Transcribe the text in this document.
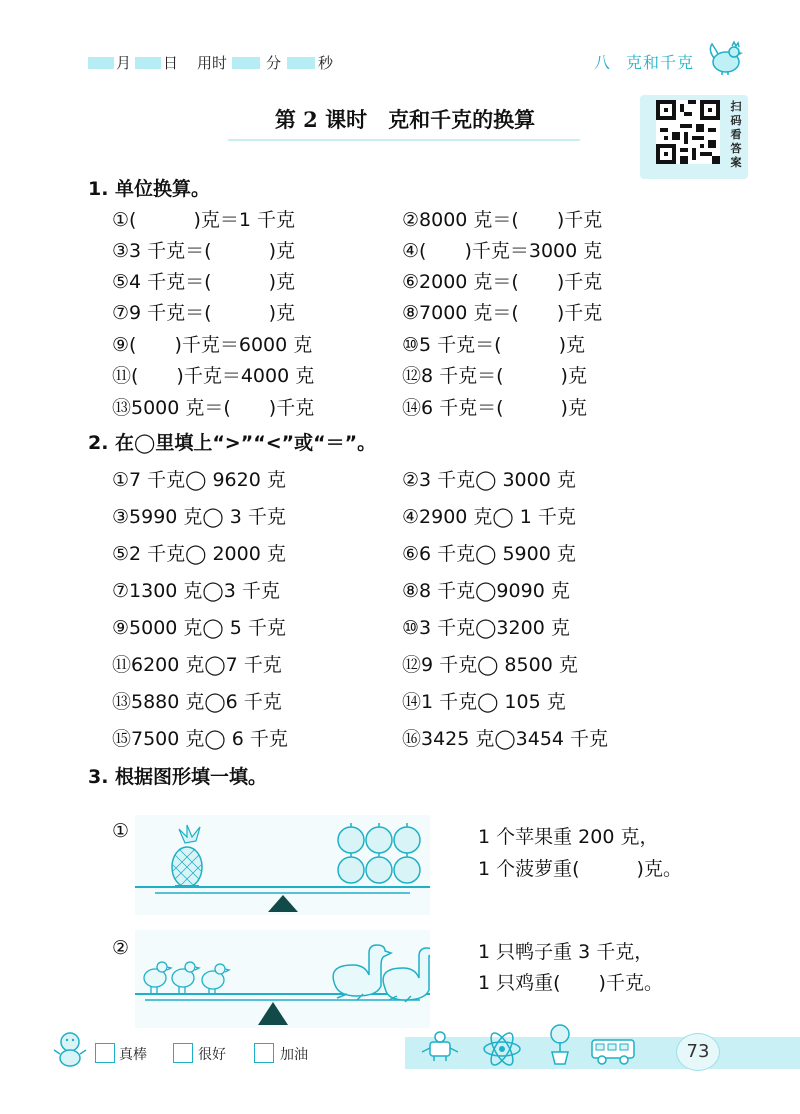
月 日 用时	分 秒	八 克和千克
第 2 课时　克和千克的换算
扫
码
看
答
案
1. 单位换算。
①(　　　)克＝1 千克	②8000 克＝(　　)千克
③3 千克＝(　　　)克	④(　　)千克＝3000 克
⑤4 千克＝(　　　)克	⑥2000 克＝(　　)千克
⑦9 千克＝(　　　)克	⑧7000 克＝(　　)千克
⑨(　　)千克＝6000 克	⑩5 千克＝(　　　)克
⑪(　　)千克＝4000 克	⑫8 千克＝(　　　)克
⑬5000 克＝(　　)千克	⑭6 千克＝(　　　)克
2. 在◯里填上“>”“<”或“＝”。
①7 千克◯ 9620 克	②3 千克◯ 3000 克
③5990 克◯ 3 千克	④2900 克◯ 1 千克
⑤2 千克◯ 2000 克	⑥6 千克◯ 5900 克
⑦1300 克◯3 千克	⑧8 千克◯9090 克
⑨5000 克◯ 5 千克	⑩3 千克◯3200 克
⑪6200 克◯7 千克	⑫9 千克◯ 8500 克
⑬5880 克◯6 千克	⑭1 千克◯ 105 克
⑮7500 克◯ 6 千克	⑯3425 克◯3454 千克
3. 根据图形填一填。
①	1 个苹果重 200 克，
1 个菠萝重(　　　)克。
②	1 只鸭子重 3 千克，
1 只鸡重(　　)千克。
真棒	很好	加油	73
